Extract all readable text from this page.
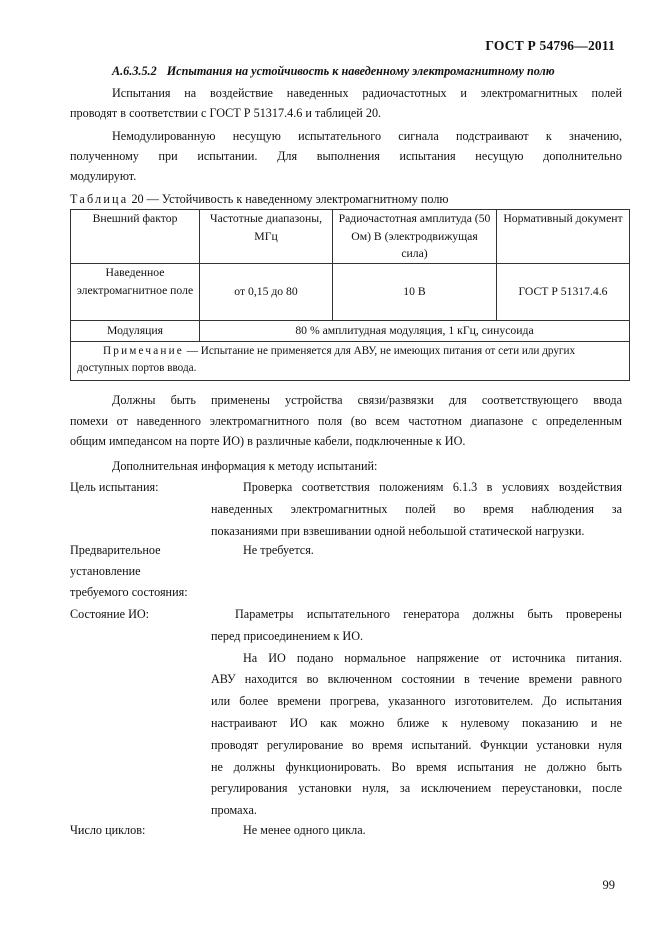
ГОСТ Р 54796—2011
А.6.3.5.2 Испытания на устойчивость к наведенному электромагнитному полю
Испытания на воздействие наведенных радиочастотных и электромагнитных полей
проводят в соответствии с ГОСТ Р 51317.4.6 и таблицей 20.
Немодулированную несущую испытательного сигнала подстраивают к значению,
полученному при испытании. Для выполнения испытания несущую дополнительно
модулируют.
Таблица 20 — Устойчивость к наведенному электромагнитному полю
Внешний фактор	Частотные диапазоны, МГц	Радиочастотная амплитуда (50 Ом) В (электродвижущая сила)	Нормативный документ
Наведенное электромагнитное поле	от 0,15 до 80	10 В	ГОСТ Р 51317.4.6
Модуляция	80 % амплитудная модуляция, 1 кГц, синусоида		
Примечание — Испытание не применяется для АВУ, не имеющих питания от сети или других доступных портов ввода.			
Должны быть применены устройства связи/развязки для соответствующего ввода
помехи от наведенного электромагнитного поля (во всем частотном диапазоне с определенным
общим импедансом на порте ИО) в различные кабели, подключенные к ИО.
Дополнительная информация к методу испытаний:
Цель испытания:	Проверка соответствия положениям 6.1.3 в условиях воздействия
наведенных электромагнитных полей во время наблюдения за
показаниями при взвешивании одной небольшой статической нагрузки.
Предварительное
установление
требуемого состояния:
Не требуется.
Состояние ИО:	Параметры испытательного генератора должны быть проверены
перед присоединением к ИО.
На ИО подано нормальное напряжение от источника питания.
АВУ находится во включенном состоянии в течение времени равного
или более времени прогрева, указанного изготовителем. До испытания
настраивают ИО как можно ближе к нулевому показанию и не
проводят регулирование во время испытаний. Функции установки нуля
не должны функционировать. Во время испытания не должно быть
регулирования установки нуля, за исключением переустановки, после
промаха.
Число циклов:	Не менее одного цикла.
99
